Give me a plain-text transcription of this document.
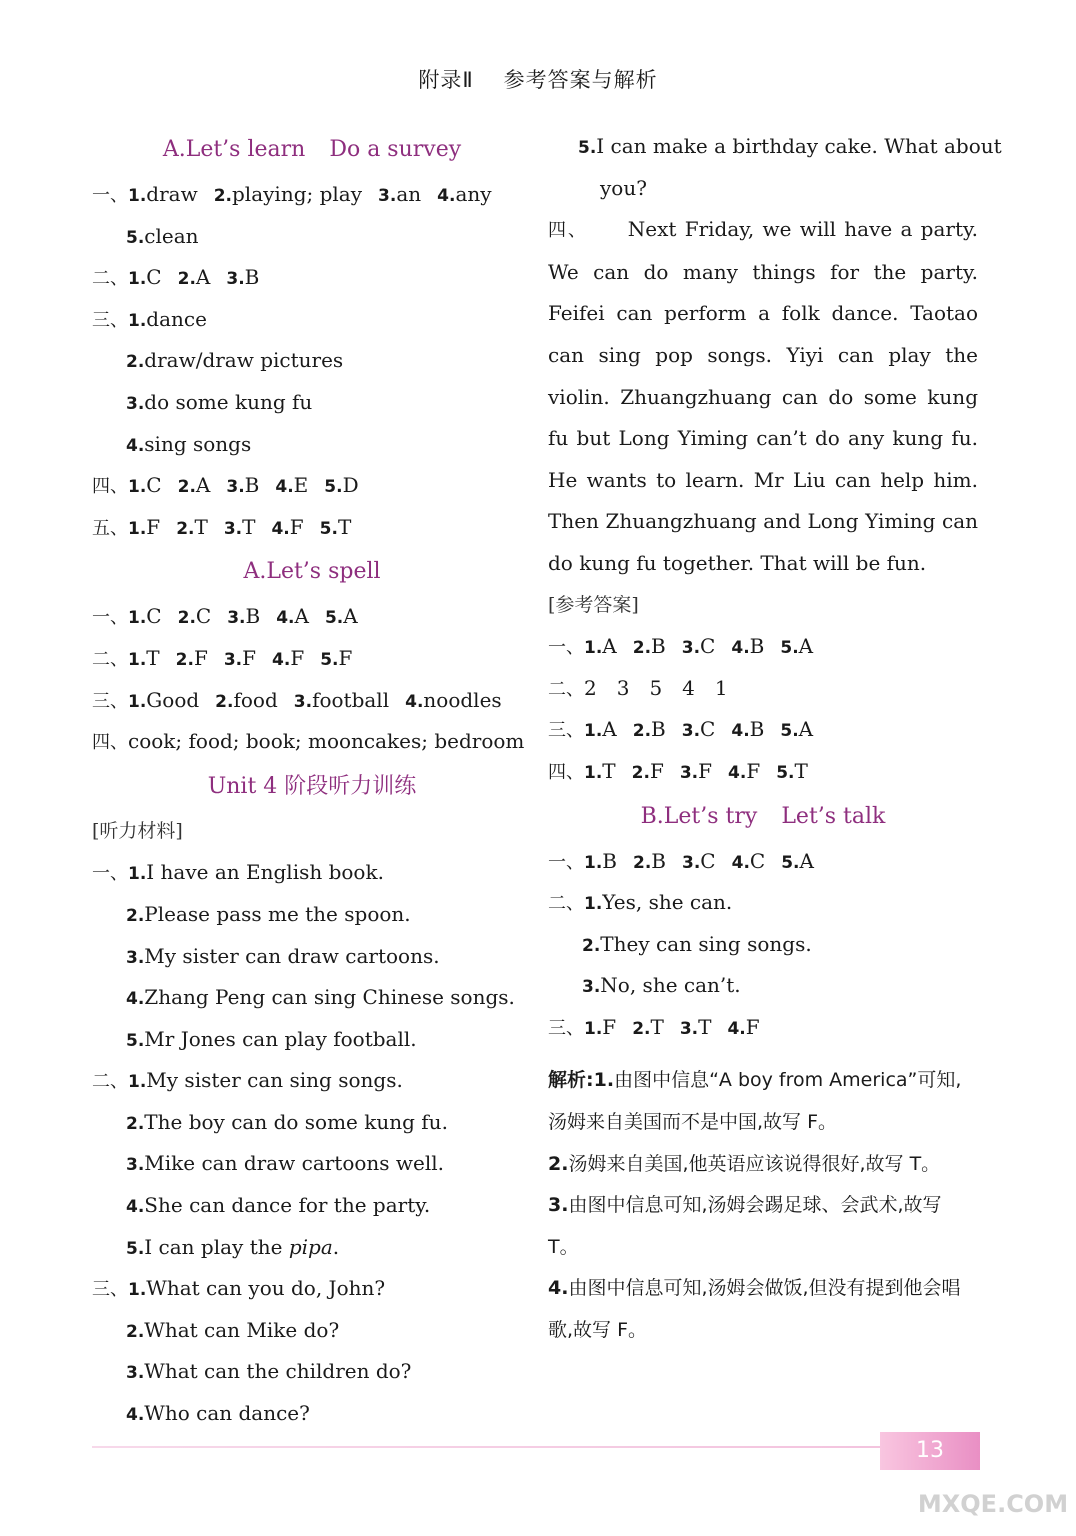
附录Ⅱ 参考答案与解析
A.Let’s learn Do a survey
一、1.draw 2.playing; play 3.an 4.any
5.clean
二、1.C 2.A 3.B
三、1.dance
2.draw/draw pictures
3.do some kung fu
4.sing songs
四、1.C 2.A 3.B 4.E 5.D
五、1.F 2.T 3.T 4.F 5.T
A.Let’s spell
一、1.C 2.C 3.B 4.A 5.A
二、1.T 2.F 3.F 4.F 5.F
三、1.Good 2.food 3.football 4.noodles
四、cook; food; book; mooncakes; bedroom
Unit 4 阶段听力训练
[听力材料]
一、1.I have an English book.
2.Please pass me the spoon.
3.My sister can draw cartoons.
4.Zhang Peng can sing Chinese songs.
5.Mr Jones can play football.
二、1.My sister can sing songs.
2.The boy can do some kung fu.
3.Mike can draw cartoons well.
4.She can dance for the party.
5.I can play the pipa.
三、1.What can you do, John?
2.What can Mike do?
3.What can the children do?
4.Who can dance?
5.I can make a birthday cake. What about
you?
四、 Next Friday, we will have a party. We can do many things for the party. Feifei can perform a folk dance. Taotao can sing pop songs. Yiyi can play the violin. Zhuangzhuang can do some kung fu but Long Yiming can’t do any kung fu. He wants to learn. Mr Liu can help him. Then Zhuangzhuang and Long Yiming can do kung fu together. That will be fun.
[参考答案]
一、1.A 2.B 3.C 4.B 5.A
二、2　3　5　4　1
三、1.A 2.B 3.C 4.B 5.A
四、1.T 2.F 3.F 4.F 5.T
B.Let’s try Let’s talk
一、1.B 2.B 3.C 4.C 5.A
二、1.Yes, she can.
2.They can sing songs.
3.No, she can’t.
三、1.F 2.T 3.T 4.F
解析:1.由图中信息“A boy from America”可知,汤姆来自美国而不是中国,故写 F。
2.汤姆来自美国,他英语应该说得很好,故写 T。
3.由图中信息可知,汤姆会踢足球、会武术,故写 T。
4.由图中信息可知,汤姆会做饭,但没有提到他会唱歌,故写 F。
13
MXQE.COM
